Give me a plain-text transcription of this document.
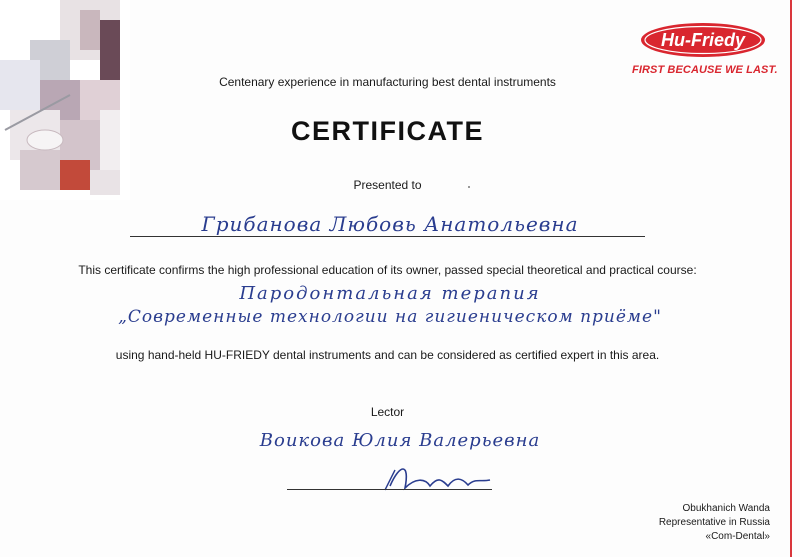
Hu-Friedy
FIRST BECAUSE WE LAST.
Centenary experience in manufacturing best dental instruments
CERTIFICATE
Presented to
Грибанова Любовь Анатольевна
This certificate confirms the high professional education of its owner, passed special theoretical and practical course:
Пародонтальная терапия
„Современные технологии на гигиеническом приёме"
using hand-held HU-FRIEDY dental instruments and can be considered as certified expert in this area.
Lector
Воикова Юлия Валерьевна
Obukhanich Wanda
Representative in Russia
«Com-Dental»
